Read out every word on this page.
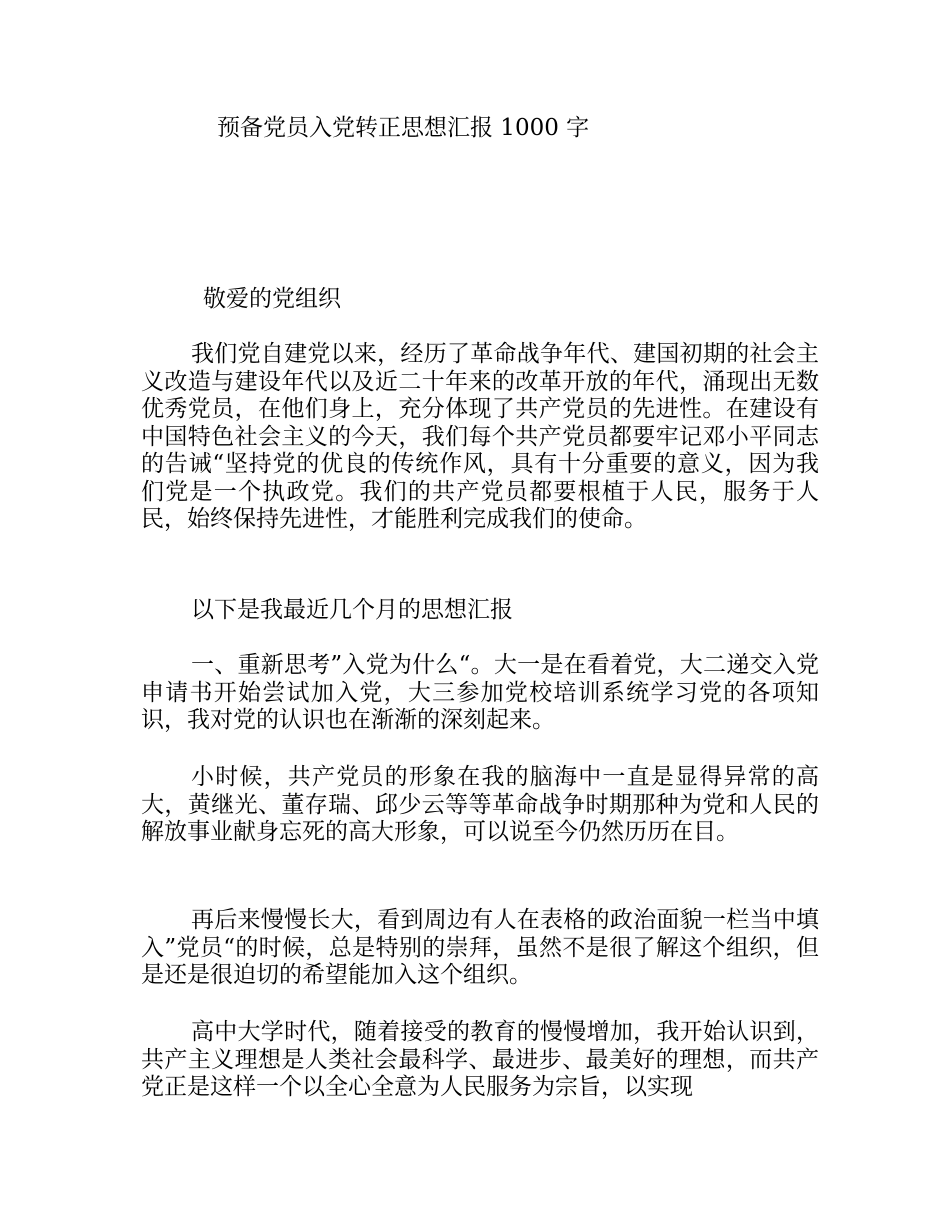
预备党员入党转正思想汇报 1000 字
敬爱的党组织

我们党自建党以来，经历了革命战争年代、建国初期的社会主义改造与建设年代以及近二十年来的改革开放的年代，涌现出无数优秀党员，在他们身上，充分体现了共产党员的先进性。在建设有中国特色社会主义的今天，我们每个共产党员都要牢记邓小平同志的告诫“坚持党的优良的传统作风，具有十分重要的意义，因为我们党是一个执政党。我们的共产党员都要根植于人民，服务于人民，始终保持先进性，才能胜利完成我们的使命。

以下是我最近几个月的思想汇报

一、重新思考”入党为什么“。大一是在看着党，大二递交入党申请书开始尝试加入党，大三参加党校培训系统学习党的各项知识，我对党的认识也在渐渐的深刻起来。

小时候，共产党员的形象在我的脑海中一直是显得异常的高大，黄继光、董存瑞、邱少云等等革命战争时期那种为党和人民的解放事业献身忘死的高大形象，可以说至今仍然历历在目。

再后来慢慢长大，看到周边有人在表格的政治面貌一栏当中填入”党员“的时候，总是特别的崇拜，虽然不是很了解这个组织，但是还是很迫切的希望能加入这个组织。

高中大学时代，随着接受的教育的慢慢增加，我开始认识到，共产主义理想是人类社会最科学、最进步、最美好的理想，而共产党正是这样一个以全心全意为人民服务为宗旨，以实现
